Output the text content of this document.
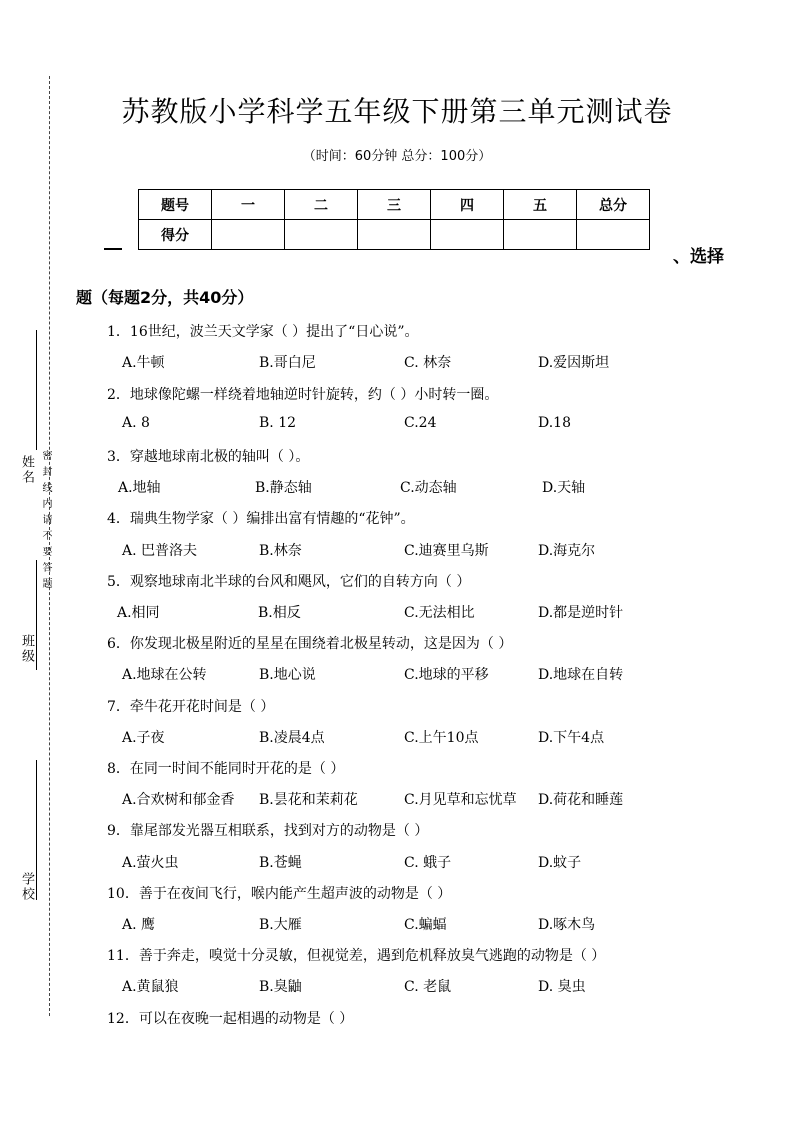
姓名
班级
学校
密封线内请不要答题
苏教版小学科学五年级下册第三单元测试卷
（时间：60分钟 总分：100分）
题号	一	二	三	四	五	总分
得分						
、选择
题（每题2分，共40分）
1．16世纪，波兰天文学家（ ）提出了“日心说”。
A.牛顿	B.哥白尼	C. 林奈	D.爱因斯坦
2．地球像陀螺一样绕着地轴逆时针旋转，约（ ）小时转一圈。
A. 8	B. 12	C.24	D.18
3．穿越地球南北极的轴叫（ ）。
A.地轴	B.静态轴	C.动态轴	D.天轴
4．瑞典生物学家（ ）编排出富有情趣的“花钟”。
A. 巴普洛夫	B.林奈	C.迪赛里乌斯	D.海克尔
5．观察地球南北半球的台风和飓风，它们的自转方向（ ）
A.相同	B.相反	C.无法相比	D.都是逆时针
6．你发现北极星附近的星星在围绕着北极星转动，这是因为（ ）
A.地球在公转	B.地心说	C.地球的平移	D.地球在自转
7．牵牛花开花时间是（ ）
A.子夜	B.凌晨4点	C.上午10点	D.下午4点
8．在同一时间不能同时开花的是（ ）
A.合欢树和郁金香 B.昙花和茉莉花	C.月见草和忘忧草 D.荷花和睡莲
9．靠尾部发光器互相联系，找到对方的动物是（ ）
A.萤火虫	B.苍蝇	C. 蛾子	D.蚊子
10．善于在夜间飞行，喉内能产生超声波的动物是（ ）
A. 鹰	B.大雁	C.蝙蝠	D.啄木鸟
11．善于奔走，嗅觉十分灵敏，但视觉差，遇到危机释放臭气逃跑的动物是（ ）
A.黄鼠狼	B.臭鼬	C. 老鼠	D. 臭虫
12．可以在夜晚一起相遇的动物是（ ）
